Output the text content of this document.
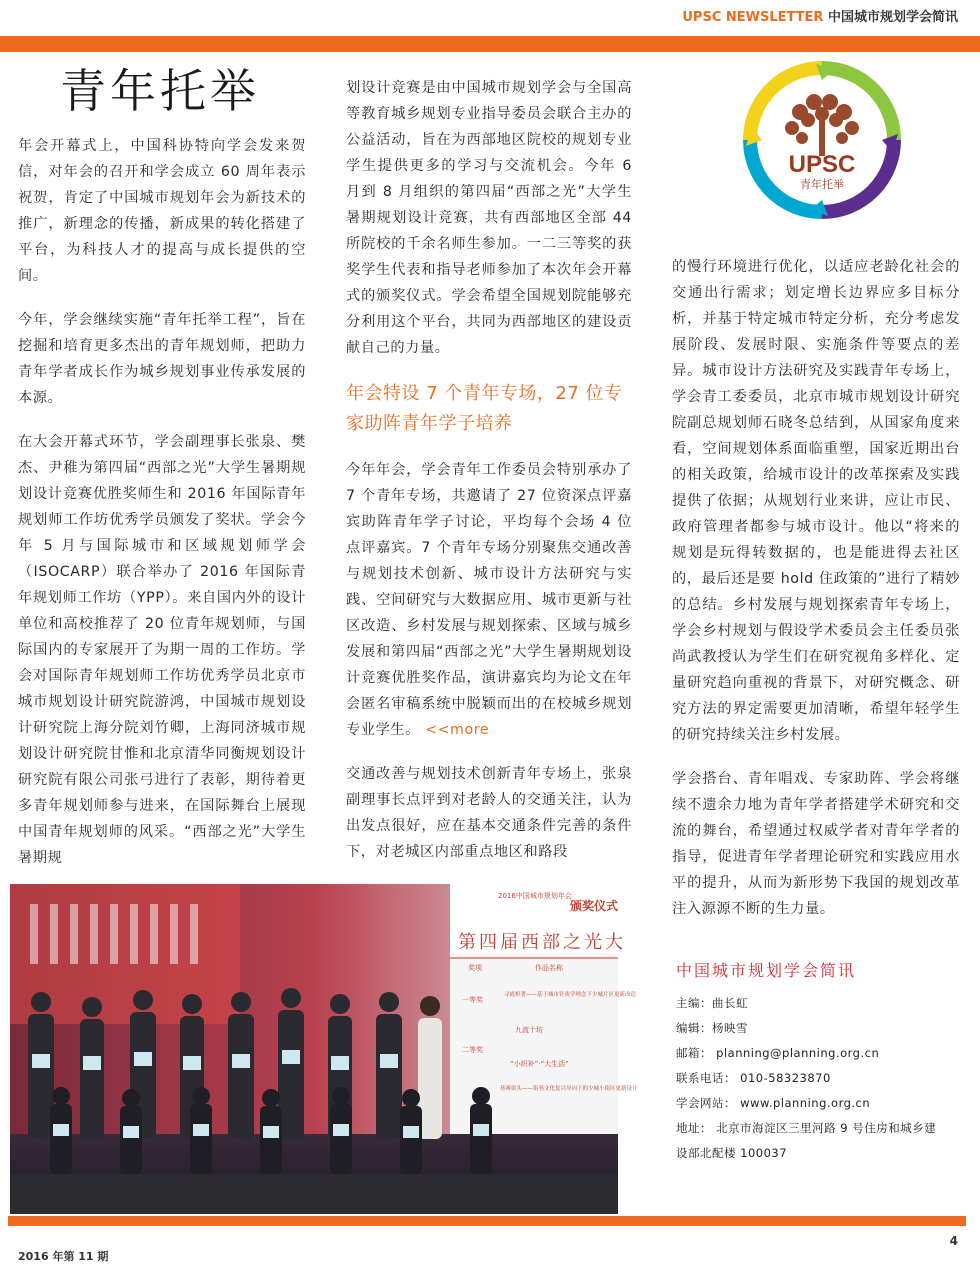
UPSC NEWSLETTER 中国城市规划学会简讯
青年托举

年会开幕式上，中国科协特向学会发来贺信，对年会的召开和学会成立 60 周年表示祝贺，肯定了中国城市规划年会为新技术的推广，新理念的传播，新成果的转化搭建了平台，为科技人才的提高与成长提供的空间。

今年，学会继续实施“青年托举工程”，旨在挖掘和培育更多杰出的青年规划师，把助力青年学者成长作为城乡规划事业传承发展的本源。

在大会开幕式环节，学会副理事长张泉、樊杰、尹稚为第四届“西部之光”大学生暑期规划设计竞赛优胜奖师生和 2016 年国际青年规划师工作坊优秀学员颁发了奖状。学会今年 5 月与国际城市和区域规划师学会（ISOCARP）联合举办了 2016 年国际青年规划师工作坊（YPP）。来自国内外的设计单位和高校推荐了 20 位青年规划师，与国际国内的专家展开了为期一周的工作坊。学会对国际青年规划师工作坊优秀学员北京市城市规划设计研究院游鸿，中国城市规划设计研究院上海分院刘竹卿，上海同济城市规划设计研究院甘惟和北京清华同衡规划设计研究院有限公司张弓进行了表彰，期待着更多青年规划师参与进来，在国际舞台上展现中国青年规划师的风采。“西部之光”大学生暑期规

划设计竞赛是由中国城市规划学会与全国高等教育城乡规划专业指导委员会联合主办的公益活动，旨在为西部地区院校的规划专业学生提供更多的学习与交流机会。今年 6 月到 8 月组织的第四届“西部之光”大学生暑期规划设计竞赛，共有西部地区全部 44 所院校的千余名师生参加。一二三等奖的获奖学生代表和指导老师参加了本次年会开幕式的颁奖仪式。学会希望全国规划院能够充分利用这个平台，共同为西部地区的建设贡献自己的力量。

年会特设 7 个青年专场，27 位专家助阵青年学子培养

今年年会，学会青年工作委员会特别承办了 7 个青年专场，共邀请了 27 位资深点评嘉宾助阵青年学子讨论，平均每个会场 4 位点评嘉宾。7 个青年专场分别聚焦交通改善与规划技术创新、城市设计方法研究与实践、空间研究与大数据应用、城市更新与社区改造、乡村发展与规划探索、区域与城乡发展和第四届“西部之光”大学生暑期规划设计竞赛优胜奖作品，演讲嘉宾均为论文在年会匿名审稿系统中脱颖而出的在校城乡规划专业学生。 <<more

交通改善与规划技术创新青年专场上，张泉副理事长点评到对老龄人的交通关注，认为出发点很好，应在基本交通条件完善的条件下，对老城区内部重点地区和路段

的慢行环境进行优化，以适应老龄化社会的交通出行需求；划定增长边界应多目标分析，并基于特定城市特定分析，充分考虑发展阶段、发展时限、实施条件等要点的差异。城市设计方法研究及实践青年专场上，学会青工委委员，北京市城市规划设计研究院副总规划师石晓冬总结到，从国家角度来看，空间规划体系面临重塑，国家近期出台的相关政策，给城市设计的改革探索及实践提供了依据；从规划行业来讲，应让市民、政府管理者都参与城市设计。他以“将来的规划是玩得转数据的，也是能进得去社区的，最后还是要 hold 住政策的”进行了精妙的总结。乡村发展与规划探索青年专场上，学会乡村规划与假设学术委员会主任委员张尚武教授认为学生们在研究视角多样化、定量研究趋向重视的背景下，对研究概念、研究方法的界定需要更加清晰，希望年轻学生的研究持续关注乡村发展。

学会搭台、青年唱戏、专家助阵、学会将继续不遗余力地为青年学者搭建学术研究和交流的舞台，希望通过权威学者对青年学者的指导，促进青年学者理论研究和实践应用水平的提升，从而为新形势下我国的规划改革注入源源不断的生力量。

UPSC
青年托举
2016中国城市规划年会
颁奖仪式
第四届西部之光大
奖项	作品名称
一等奖
寻霞枳著——基于城市针灸学理念下少城片区更新改造
九流十坊
二等奖
“小织补”·“大生活”
巷赛街头——街巷文化复兴导向下的少城小街区更新设计
中国城市规划学会简讯
主编：曲长虹
编辑：杨映雪
邮箱： planning@planning.org.cn
联系电话： 010-58323870
学会网站： www.planning.org.cn
地址： 北京市海淀区三里河路 9 号住房和城乡建
设部北配楼 100037
4
2016 年第 11 期
